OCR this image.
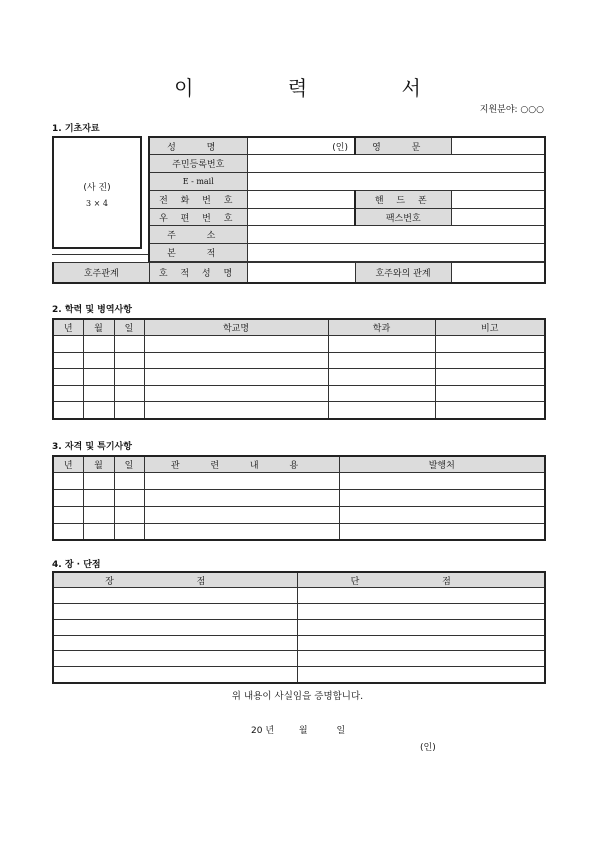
이 력 서
지원분야: ○○○
1. 기초자료
(사 진)
3 × 4
성 명	(인)	영 문	
주민등록번호			
E - mail			
전 화 번 호		핸 드 폰	
우 편 번 호		팩스번호	
주 소			
본 적			
호주관계	호 적 성 명		호주와의 관계	
2. 학력 및 병역사항
년	월	일	학교명	학과	비고

3. 자격 및 특기사항
년	월	일	관 련 내 용	발행처

4. 장 · 단점
장 점	단 점

위 내용이 사실임을 증명합니다.
20 년	월	일
(인)
